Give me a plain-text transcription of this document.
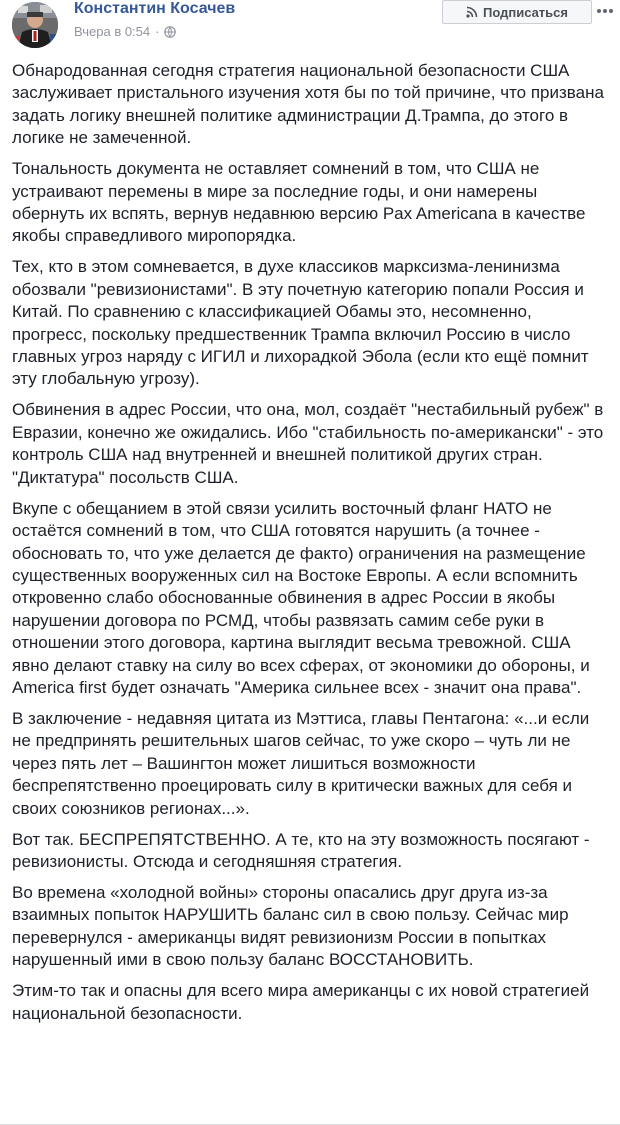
Константин Косачев
Вчера в 0:54 ·
Подписаться

Обнародованная сегодня стратегия национальной безопасности США заслуживает пристального изучения хотя бы по той причине, что призвана задать логику внешней политике администрации Д.Трампа, до этого в логике не замеченной.

Тональность документа не оставляет сомнений в том, что США не устраивают перемены в мире за последние годы, и они намерены обернуть их вспять, вернув недавнюю версию Pax Americana в качестве якобы справедливого миропорядка.

Тех, кто в этом сомневается, в духе классиков марксизма-ленинизма обозвали "ревизионистами". В эту почетную категорию попали Россия и Китай. По сравнению с классификацией Обамы это, несомненно, прогресс, поскольку предшественник Трампа включил Россию в число главных угроз наряду с ИГИЛ и лихорадкой Эбола (если кто ещё помнит эту глобальную угрозу).

Обвинения в адрес России, что она, мол, создаёт "нестабильный рубеж" в Евразии, конечно же ожидались. Ибо "стабильность по-американски" - это контроль США над внутренней и внешней политикой других стран. "Диктатура" посольств США.

Вкупе с обещанием в этой связи усилить восточный фланг НАТО не остаётся сомнений в том, что США готовятся нарушить (а точнее - обосновать то, что уже делается де факто) ограничения на размещение существенных вооруженных сил на Востоке Европы. А если вспомнить откровенно слабо обоснованные обвинения в адрес России в якобы нарушении договора по РСМД, чтобы развязать самим себе руки в отношении этого договора, картина выглядит весьма тревожной. США явно делают ставку на силу во всех сферах, от экономики до обороны, и America first будет означать "Америка сильнее всех - значит она права".

В заключение - недавняя цитата из Мэттиса, главы Пентагона: «...и если не предпринять решительных шагов сейчас, то уже скоро – чуть ли не через пять лет – Вашингтон может лишиться возможности беспрепятственно проецировать силу в критически важных для себя и своих союзников регионах...».

Вот так. БЕСПРЕПЯТСТВЕННО. А те, кто на эту возможность посягают - ревизионисты. Отсюда и сегодняшняя стратегия.

Во времена «холодной войны» стороны опасались друг друга из-за взаимных попыток НАРУШИТЬ баланс сил в свою пользу. Сейчас мир перевернулся - американцы видят ревизионизм России в попытках нарушенный ими в свою пользу баланс ВОССТАНОВИТЬ.

Этим-то так и опасны для всего мира американцы с их новой стратегией национальной безопасности.
